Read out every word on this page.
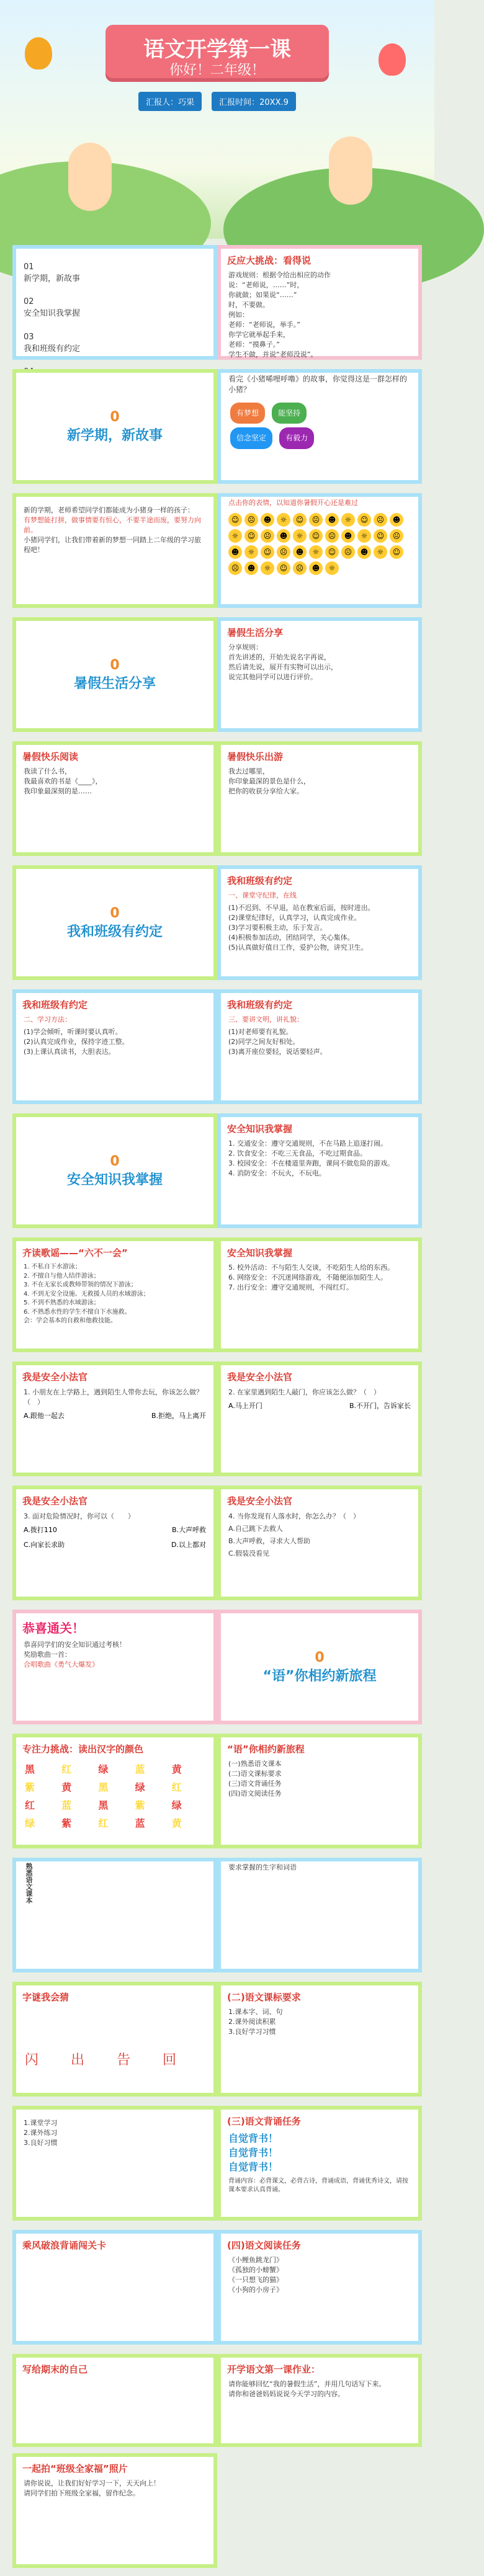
语文开学第一课
你好！二年级！
汇报人：巧果	汇报时间：20XX.9

01
新学期，新故事

02
安全知识我掌握

03
我和班级有约定

反应大挑战：看得说
游戏规则：根据令给出相应的动作
说：“老师说，……”时，
你就做；如果说“……”
时，不要做。
例如：
老师：“老师说，举手。”
你学它就举起手来，
老师：“摸鼻子。”
学生不做，并说“老师没说”。
0
新学期，新故事
看完《小猪唏哩呼噜》的故事，你觉得这是一群怎样的小猪？
有梦想	能坚持
信念坚定	有毅力
新的学期，老师希望同学们都能成为小猪身一样的孩子：
有梦想能打拼，做事情要有恒心，不要半途而废，要努力向前。
小猪同学们，让我们带着新的梦想一同踏上二年级的学习旅程吧！
点击你的表情，以知道你暑假开心还是难过
☺ ☹ ☻ ☼ ☺ ☹ ☻ ☼ ☺ ☹ ☻☼ ☺ ☹ ☻ ☼ ☺ ☹ ☻ ☼ ☺ ☹☻ ☼ ☺ ☹ ☻ ☼ ☺ ☹ ☻ ☼ ☺☹ ☻ ☼ ☺ ☹ ☻ ☼
0
暑假生活分享
暑假生活分享
分享规则：
首先讲述的，开始先说名字再说，
然后请先说，展开有实物可以出示，
说完其他同学可以进行评价。
暑假快乐阅读
我读了什么书，
我最喜欢的书是《____》，
我印象最深刻的是……
暑假快乐出游
我去过哪里，
你印象最深的景色是什么，
把你的收获分享给大家。
0
我和班级有约定
我和班级有约定
一、课堂守纪律，在线
(1)不迟到、不早退，站在教室后面，按时进出。
(2)课堂纪律好，认真学习，认真完成作业。
(3)学习要积极主动，乐于发言。
(4)积极参加活动，团结同学，关心集体。
(5)认真做好值日工作，爱护公物，讲究卫生。
我和班级有约定
二、学习方法：
(1)学会倾听，听课时要认真听。
(2)认真完成作业，保持字迹工整。
(3)上课认真读书，大胆表达。
我和班级有约定
三、要讲文明，讲礼貌：
(1)对老师要有礼貌。
(2)同学之间友好相处。
(3)离开座位要轻，说话要轻声。
0
安全知识我掌握
安全知识我掌握
1. 交通安全：遵守交通规则，不在马路上追逐打闹。
2. 饮食安全：不吃三无食品，不吃过期食品。
3. 校园安全：不在楼道里奔跑，课间不做危险的游戏。
4. 消防安全：不玩火，不玩电。
齐读歌谣——“六不一会”
1. 不私自下水游泳；
2. 不擅自与他人结伴游泳；
3. 不在无家长或教师带领的情况下游泳；
4. 不到无安全设施、无救援人员的水域游泳；
5. 不到不熟悉的水域游泳；
6. 不熟悉水性的学生不擅自下水施救。
会：学会基本的自救和他救技能。
安全知识我掌握
5. 校外活动：不与陌生人交谈，不吃陌生人给的东西。
6. 网络安全：不沉迷网络游戏，不随便添加陌生人。
7. 出行安全：遵守交通规则，不闯红灯。
我是安全小法官
1. 小朋友在上学路上，遇到陌生人带你去玩，你该怎么做？（　）
A.跟他一起去	B.拒绝，马上离开
我是安全小法官
2. 在家里遇到陌生人敲门，你应该怎么做？（　）
A.马上开门	B.不开门，告诉家长
我是安全小法官
3. 面对危险情况时，你可以（　　）
A.拨打110	B.大声呼救
C.向家长求助	D.以上都对
我是安全小法官
4. 当你发现有人落水时，你怎么办？（　）
A.自己跳下去救人
B.大声呼救，寻求大人帮助
C.假装没看见
恭喜通关！
恭喜同学们的安全知识通过考核！
奖励歌曲一首：
合唱歌曲《勇气大爆发》	0
“语”你相约新旅程
专注力挑战：读出汉字的颜色
黑	红	绿	蓝	黄
紫	黄	黑	绿	红
红	蓝	黑	紫	绿
绿	紫	红	蓝	黄
“语”你相约新旅程
(一)熟悉语文课本
(二)语文课标要求
(三)语文背诵任务
(四)语文阅读任务
熟悉语文课本	要求掌握的生字和词语
字谜我会猜
闪	出	告	回
(二)语文课标要求
1.课本字、词、句
2.课外阅读积累
3.良好学习习惯
1.课堂学习
2.课外练习
3.良好习惯
(三)语文背诵任务
自觉背书！
自觉背书！
自觉背书！
背诵内容：必背课文，必背古诗，背诵成语，背诵优秀诗文，请按课本要求认真背诵。
乘风破浪背诵闯关卡	(四)语文阅读任务
《小鲤鱼跳龙门》
《孤独的小螃蟹》
《一只想飞的猫》
《小狗的小房子》
写给期末的自己	开学语文第一课作业：
请你能够回忆“我的暑假生活”，并用几句话写下来。
请你和爸爸妈妈说说今天学习的内容。
一起拍“班级全家福”照片
请你说说，让我们好好学习一下，天天向上！
请同学们拍下班级全家福，留作纪念。
